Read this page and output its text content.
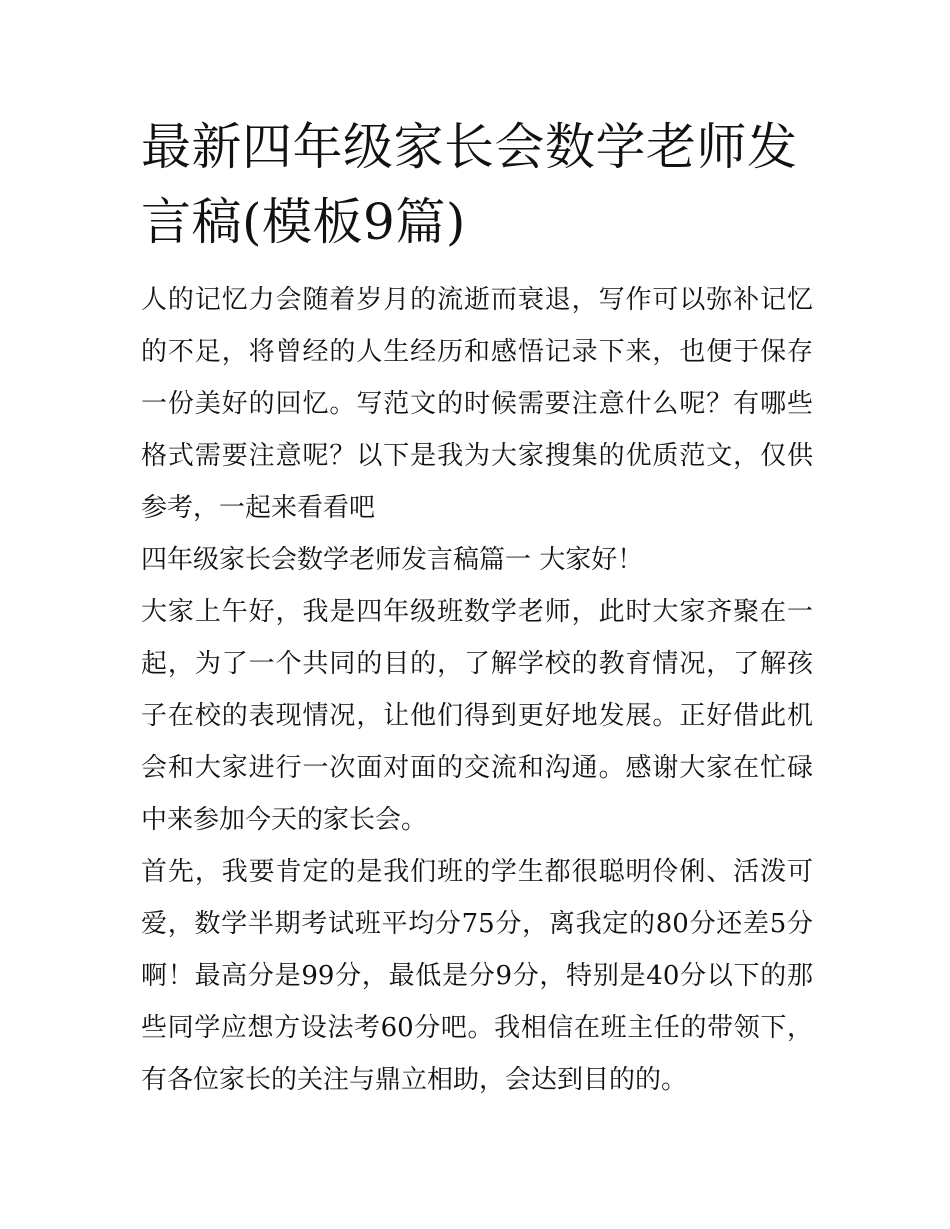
最新四年级家长会数学老师发言稿(模板9篇)

人的记忆力会随着岁月的流逝而衰退，写作可以弥补记忆的不足，将曾经的人生经历和感悟记录下来，也便于保存一份美好的回忆。写范文的时候需要注意什么呢？有哪些格式需要注意呢？以下是我为大家搜集的优质范文，仅供参考，一起来看看吧

四年级家长会数学老师发言稿篇一 大家好！

大家上午好，我是四年级班数学老师，此时大家齐聚在一起，为了一个共同的目的，了解学校的教育情况，了解孩子在校的表现情况，让他们得到更好地发展。正好借此机会和大家进行一次面对面的交流和沟通。感谢大家在忙碌中来参加今天的家长会。

首先，我要肯定的是我们班的学生都很聪明伶俐、活泼可爱，数学半期考试班平均分75分，离我定的80分还差5分啊！最高分是99分，最低是分9分，特别是40分以下的那些同学应想方设法考60分吧。我相信在班主任的带领下，有各位家长的关注与鼎立相助，会达到目的的。
